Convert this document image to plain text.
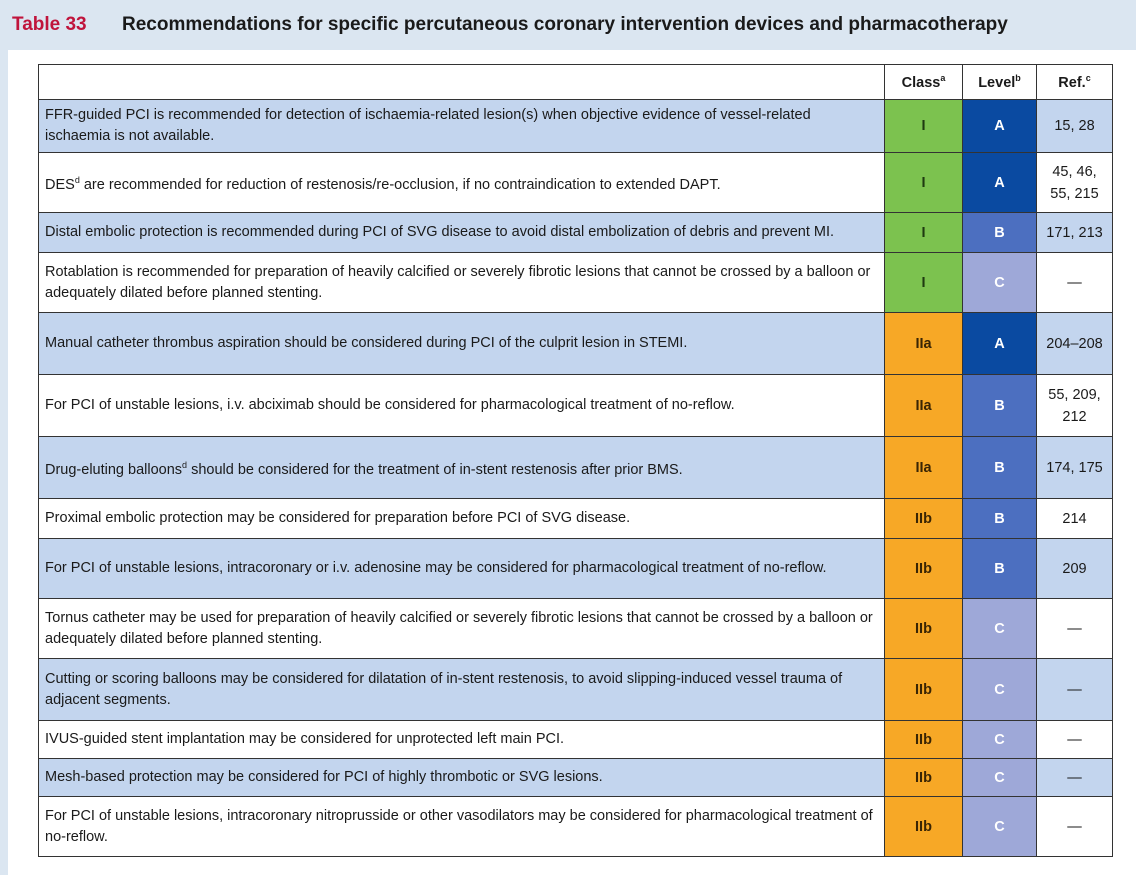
Table 33 Recommendations for specific percutaneous coronary intervention devices and pharmacotherapy
	Class$^a$	Level$^b$	Ref.$^c$
FFR-guided PCI is recommended for detection of ischaemia-related lesion(s) when objective evidence of vessel-related ischaemia is not available.	I	A	15, 28
DES$^d$ are recommended for reduction of restenosis/re-occlusion, if no contraindication to extended DAPT.	I	A	45, 46, 55, 215
Distal embolic protection is recommended during PCI of SVG disease to avoid distal embolization of debris and prevent MI.	I	B	171, 213
Rotablation is recommended for preparation of heavily calcified or severely fibrotic lesions that cannot be crossed by a balloon or adequately dilated before planned stenting.	I	C	—
Manual catheter thrombus aspiration should be considered during PCI of the culprit lesion in STEMI.	IIa	A	204–208
For PCI of unstable lesions, i.v. abciximab should be considered for pharmacological treatment of no-reflow.	IIa	B	55, 209, 212
Drug-eluting balloons$^d$ should be considered for the treatment of in-stent restenosis after prior BMS.	IIa	B	174, 175
Proximal embolic protection may be considered for preparation before PCI of SVG disease.	IIb	B	214
For PCI of unstable lesions, intracoronary or i.v. adenosine may be considered for pharmacological treatment of no-reflow.	IIb	B	209
Tornus catheter may be used for preparation of heavily calcified or severely fibrotic lesions that cannot be crossed by a balloon or adequately dilated before planned stenting.	IIb	C	—
Cutting or scoring balloons may be considered for dilatation of in-stent restenosis, to avoid slipping-induced vessel trauma of adjacent segments.	IIb	C	—
IVUS-guided stent implantation may be considered for unprotected left main PCI.	IIb	C	—
Mesh-based protection may be considered for PCI of highly thrombotic or SVG lesions.	IIb	C	—
For PCI of unstable lesions, intracoronary nitroprusside or other vasodilators may be considered for pharmacological treatment of no-reflow.	IIb	C	—
